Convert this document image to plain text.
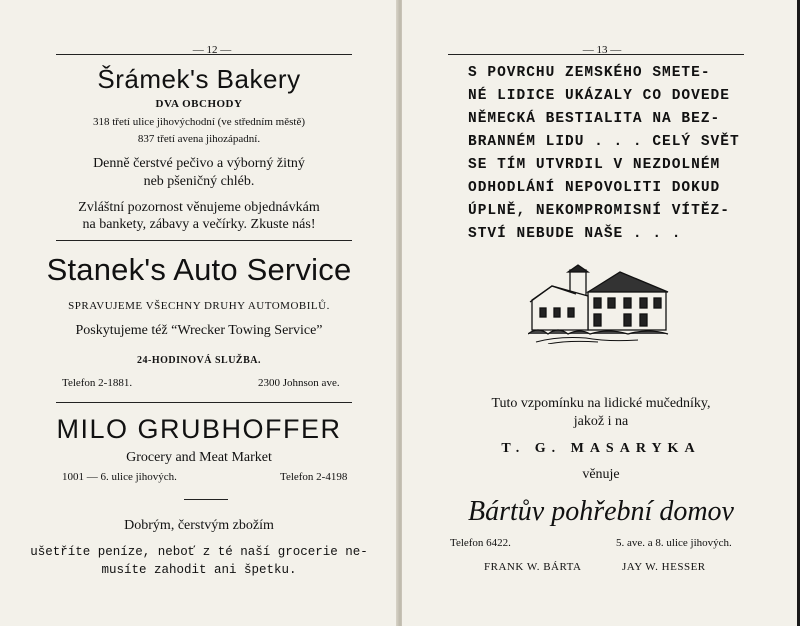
— 12 —
Šrámek's Bakery
DVA OBCHODY
318 třetí ulice jihovýchodní (ve středním městě)
837 třetí avena jihozápadní.
Denně čerstvé pečivo a výborný žitný
neb pšeničný chléb.
Zvláštní pozornost věnujeme objednávkám
na bankety, zábavy a večírky. Zkuste nás!
Stanek's Auto Service
SPRAVUJEME VŠECHNY DRUHY AUTOMOBILŮ.
Poskytujeme též “Wrecker Towing Service”
24-HODINOVÁ SLUŽBA.
Telefon 2-1881.	2300 Johnson ave.
MILO GRUBHOFFER
Grocery and Meat Market
1001 — 6. ulice jihových.	Telefon 2-4198
Dobrým, čerstvým zbožím
ušetříte peníze, neboť z té naší grocerie ne-
musíte zahodit ani špetku.
— 13 —
S POVRCHU ZEMSKÉHO SMETE-
NÉ LIDICE UKÁZALY CO DOVEDE
NĚMECKÁ BESTIALITA NA BEZ-
BRANNÉM LIDU . . . CELÝ SVĚT
SE TÍM UTVRDIL V NEZDOLNÉM
ODHODLÁNÍ NEPOVOLITI DOKUD
ÚPLNĚ, NEKOMPROMISNÍ VÍTĚZ-
STVÍ NEBUDE NAŠE . . .
Tuto vzpomínku na lidické mučedníky,
jakož i na
T. G. MASARYKA
věnuje
Bártův pohřební domov
Telefon 6422.	5. ave. a 8. ulice jihových.
FRANK W. BÁRTA	JAY W. HESSER
